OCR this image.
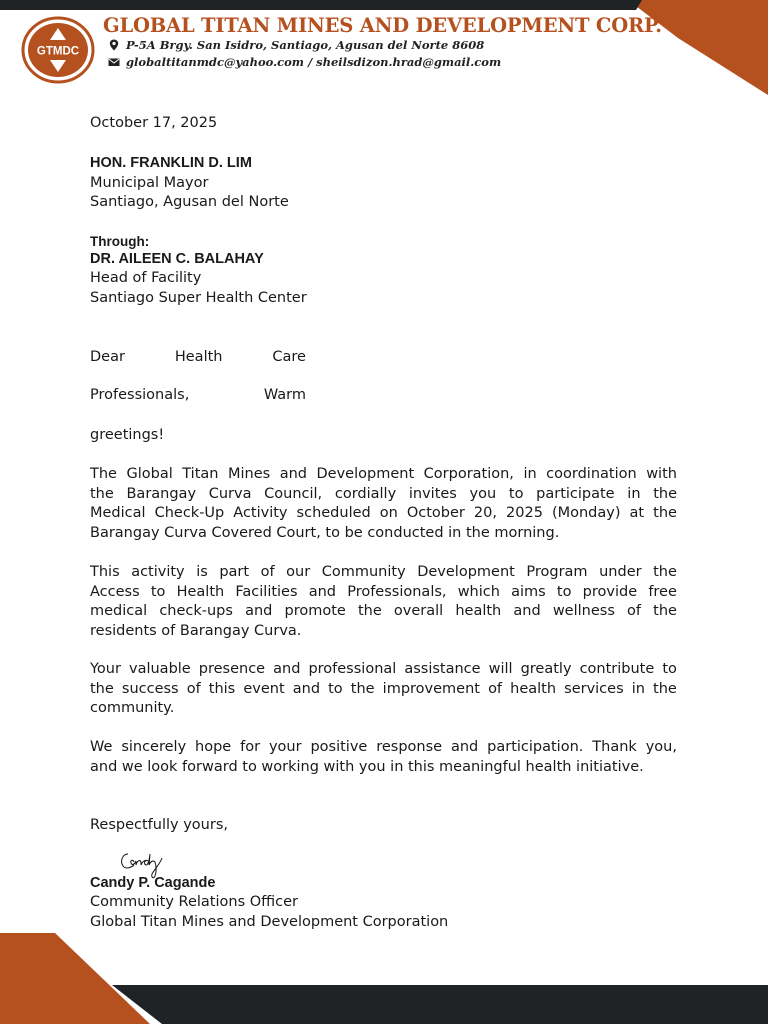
GTMDC
GLOBAL TITAN MINES AND DEVELOPMENT CORP.
P-5A Brgy. San Isidro, Santiago, Agusan del Norte 8608
globaltitanmdc@yahoo.com / sheilsdizon.hrad@gmail.com
October 17, 2025
HON. FRANKLIN D. LIM
Municipal Mayor
Santiago, Agusan del Norte
Through:
DR. AILEEN C. BALAHAY
Head of Facility
Santiago Super Health Center
Dear	Health	Care
Professionals,	Warm
greetings!
The Global Titan Mines and Development Corporation, in coordination with
the Barangay Curva Council, cordially invites you to participate in the
Medical Check-Up Activity scheduled on October 20, 2025 (Monday) at the
Barangay Curva Covered Court, to be conducted in the morning.
This activity is part of our Community Development Program under the
Access to Health Facilities and Professionals, which aims to provide free
medical check-ups and promote the overall health and wellness of the
residents of Barangay Curva.
Your valuable presence and professional assistance will greatly contribute to
the success of this event and to the improvement of health services in the
community.
We sincerely hope for your positive response and participation. Thank you,
and we look forward to working with you in this meaningful health initiative.
Respectfully yours,
Candy P. Cagande
Community Relations Officer
Global Titan Mines and Development Corporation
